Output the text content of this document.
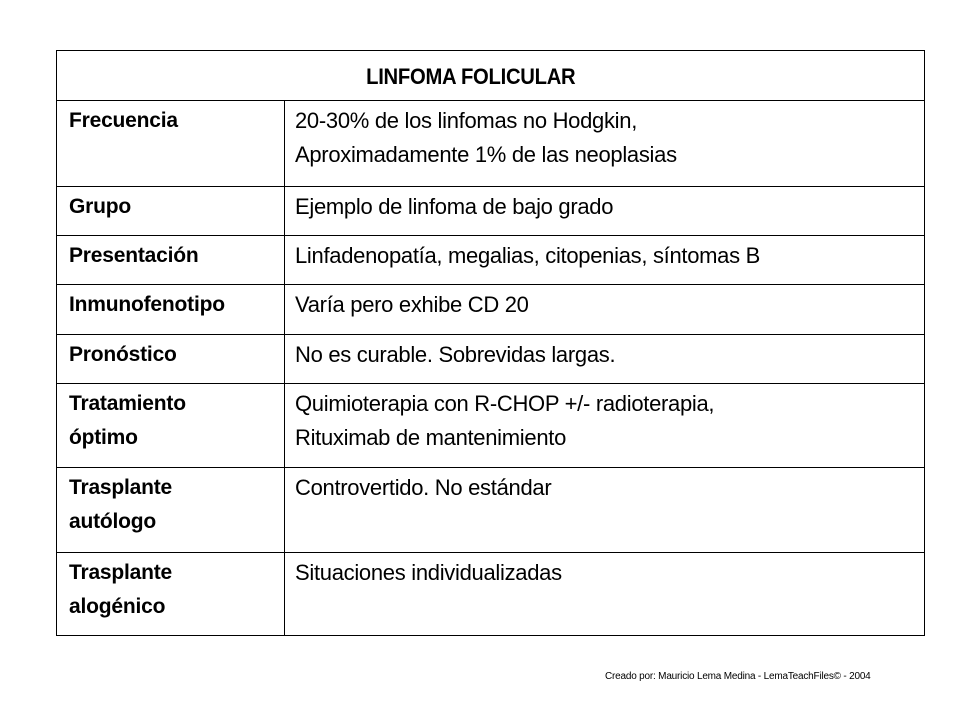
LINFOMA FOLICULAR	

Frecuencia	20-30% de los linfomas no Hodgkin,
Aproximadamente 1% de las neoplasias

Grupo	Ejemplo de linfoma de bajo grado

Presentación	Linfadenopatía, megalias, citopenias, síntomas B

Inmunofenotipo	Varía pero exhibe CD 20

Pronóstico	No es curable. Sobrevidas largas.

Tratamiento
óptimo	Quimioterapia con R-CHOP +/- radioterapia,
Rituximab de mantenimiento

Trasplante
autólogo	Controvertido. No estándar

Trasplante
alogénico	Situaciones individualizadas
Creado por: Mauricio Lema Medina - LemaTeachFiles© - 2004
